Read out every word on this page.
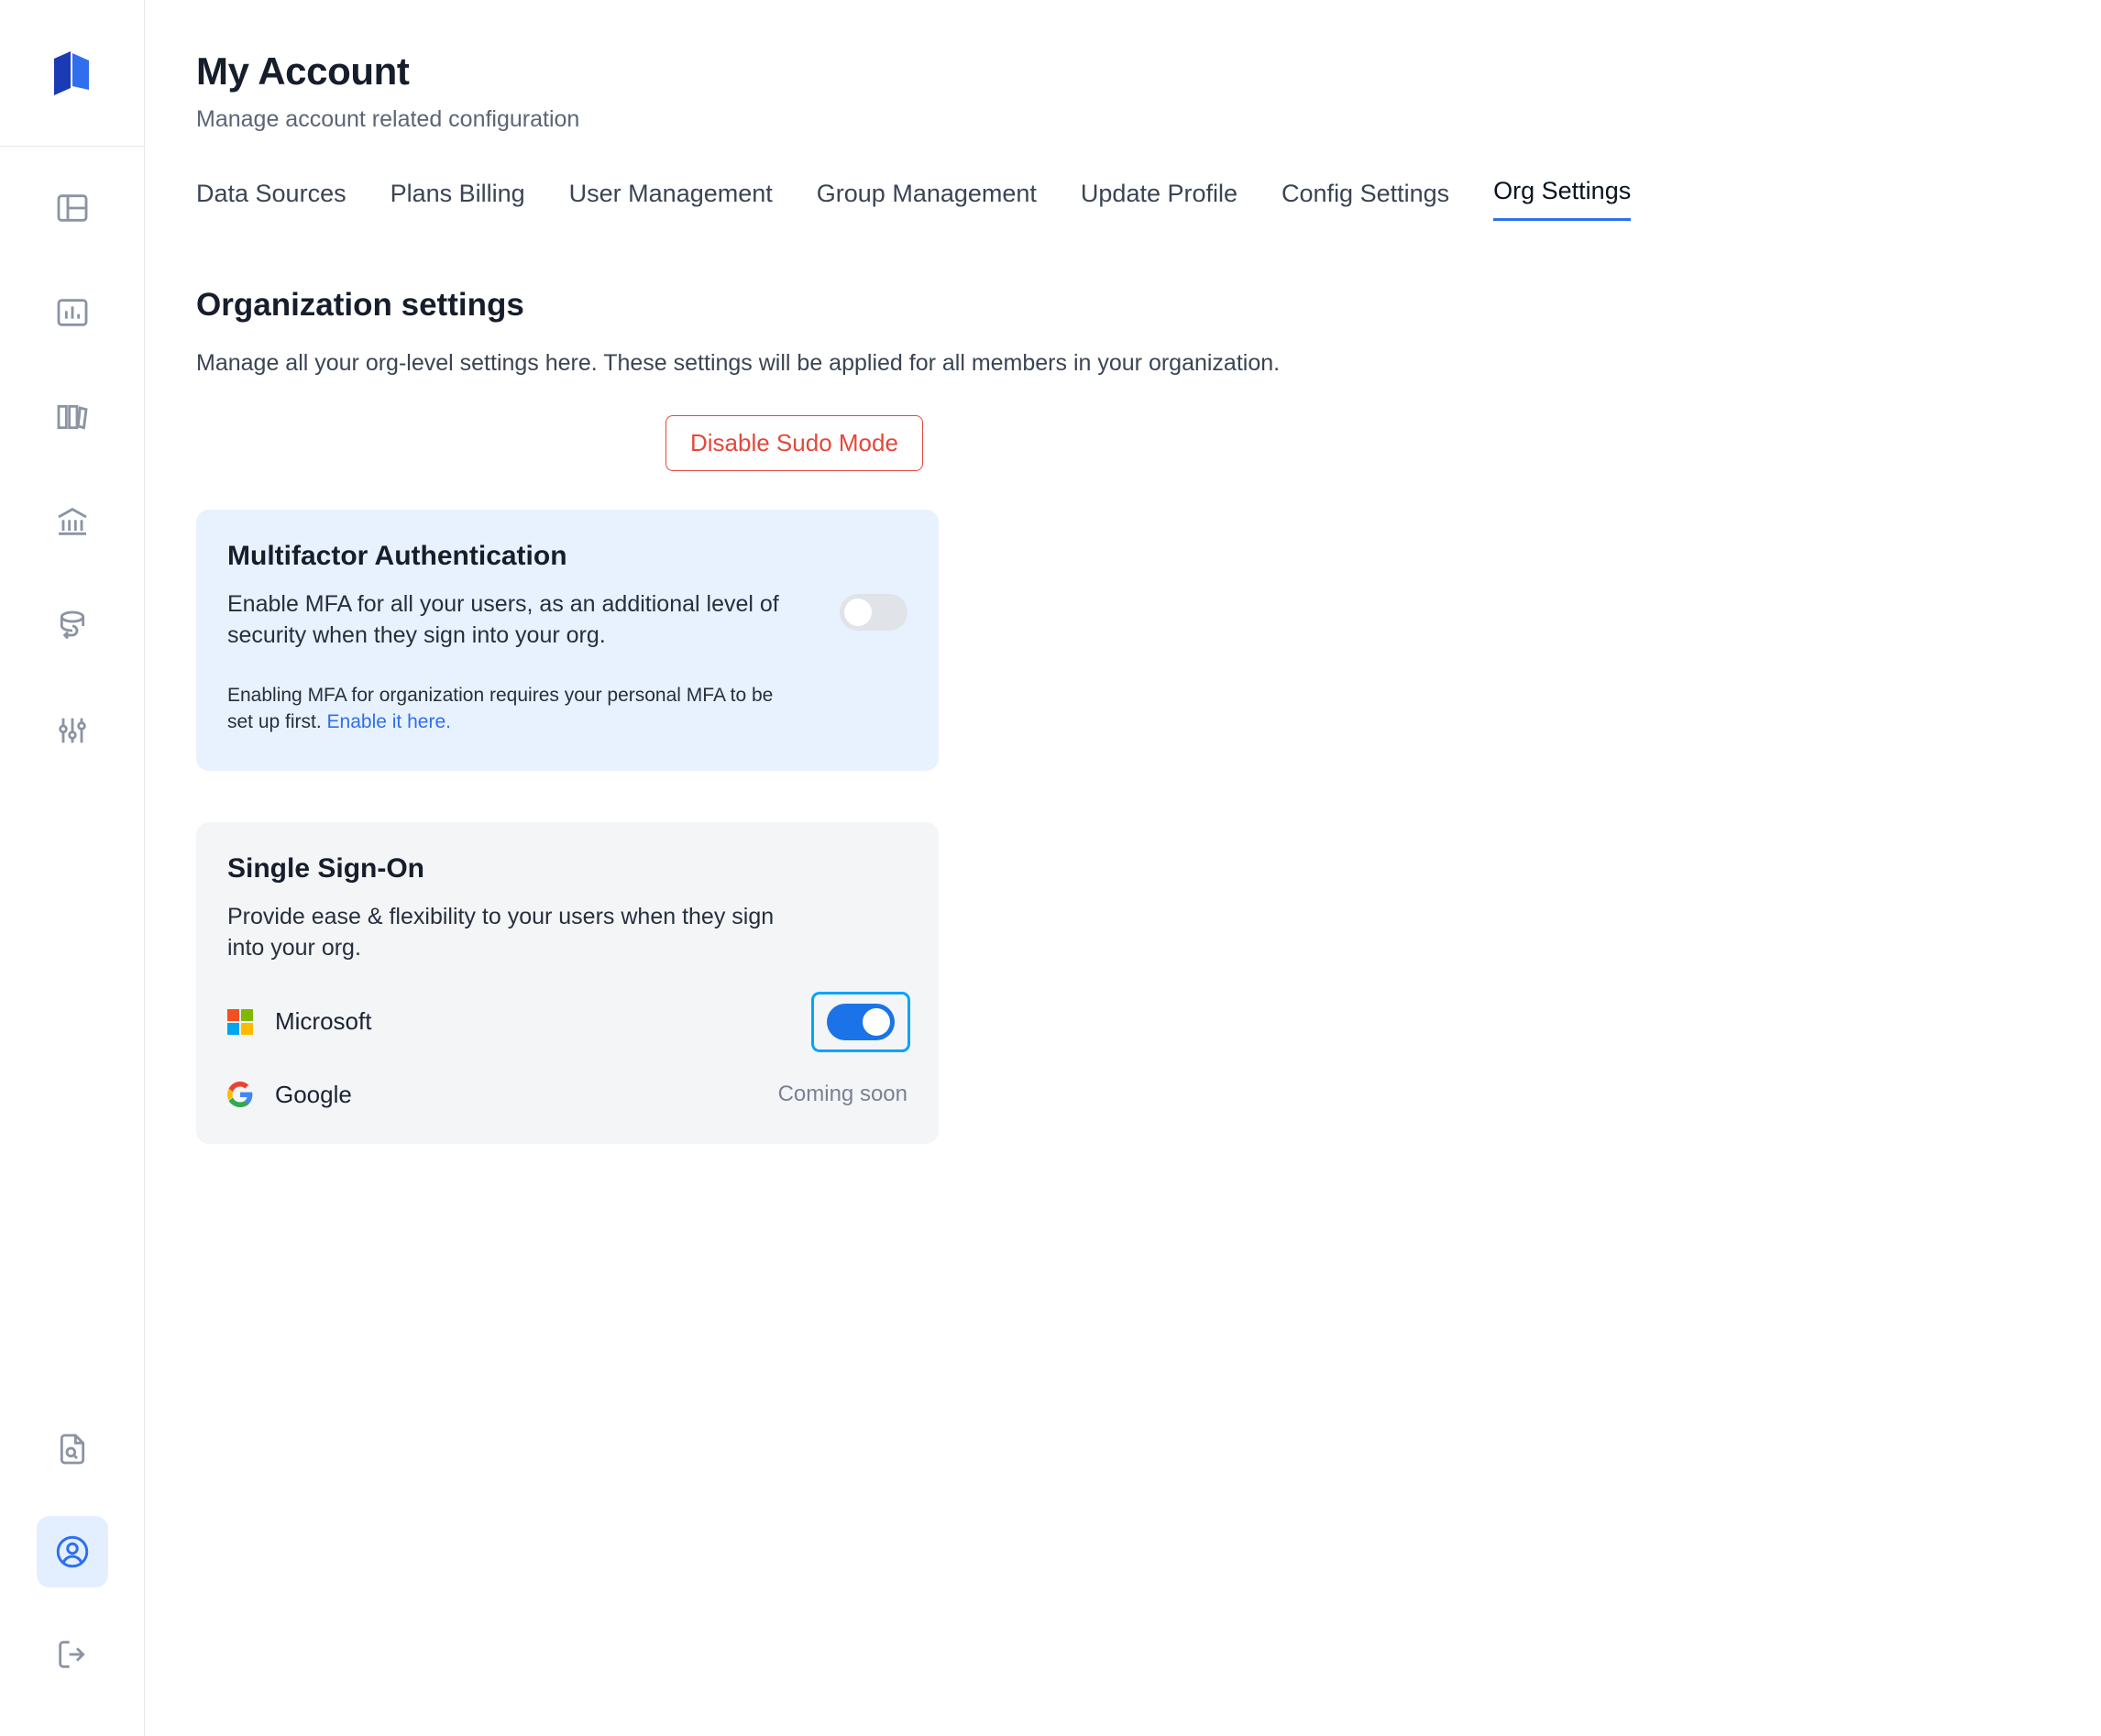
My Account
Manage account related configuration
Data Sources Plans Billing User Management Group Management Update Profile Config Settings Org Settings
Organization settings
Manage all your org-level settings here. These settings will be applied for all members in your organization.
Disable Sudo Mode
Multifactor Authentication
Enable MFA for all your users, as an additional level of security when they sign into your org.
Enabling MFA for organization requires your personal MFA to be set up first. Enable it here.
Single Sign-On
Provide ease & flexibility to your users when they sign into your org.
Microsoft
Google	Coming soon
